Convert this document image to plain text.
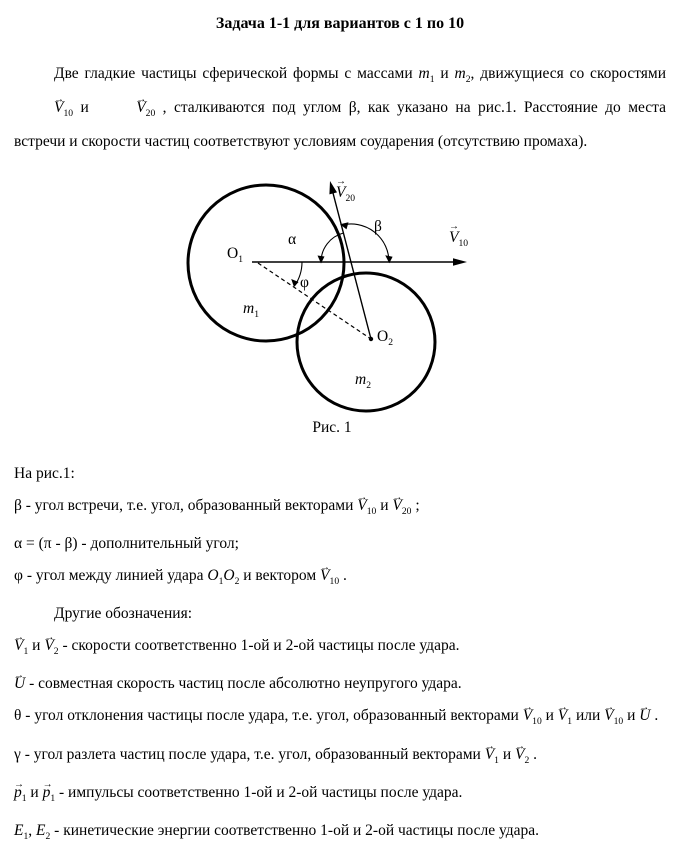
Задача 1-1 для вариантов с 1 по 10

Две гладкие частицы сферической формы с массами $m_1$ и $m_2$, движущиеся со скоростями → $V_{10}$ и	→ $V_{20}$ , сталкиваются под углом β, как указано на рис.1. Расстояние до места встречи и скорости частиц соответствуют условиям соударения (отсутствию промаха).

→ $V_{20}$
β
→ $V_{10}$
$O_1$
α
φ
$O_2$
$m_1$
$m_2$
Рис. 1

На рис.1:

β - угол встречи, т.е. угол, образованный векторами → $V_{10}$ $и \to V_{20}$ ;

α = (π - β) - дополнительный угол;

φ - угол между линией удара $O_1O_2$ и вектором → $V_{10}$ .

Другие обозначения:

→ $V_1$ $и \to V_2$ - скорости соответственно 1-ой и 2-ой частицы после удара.

→ U - совместная скорость частиц после абсолютно неупругого удара.

θ - угол отклонения частицы после удара, т.е. угол, образованный векторами → $V_{10}$ $и \to V_1$ или → $V_{10}$ и → U .

γ - угол разлета частиц после удара, т.е. угол, образованный векторами → $V_1$ $и \to V_2$ .

→ $p_1$ $и \to p_1$ - импульсы соответственно 1-ой и 2-ой частицы после удара.

$E_1$, $E_2$ - кинетические энергии соответственно 1-ой и 2-ой частицы после удара.
